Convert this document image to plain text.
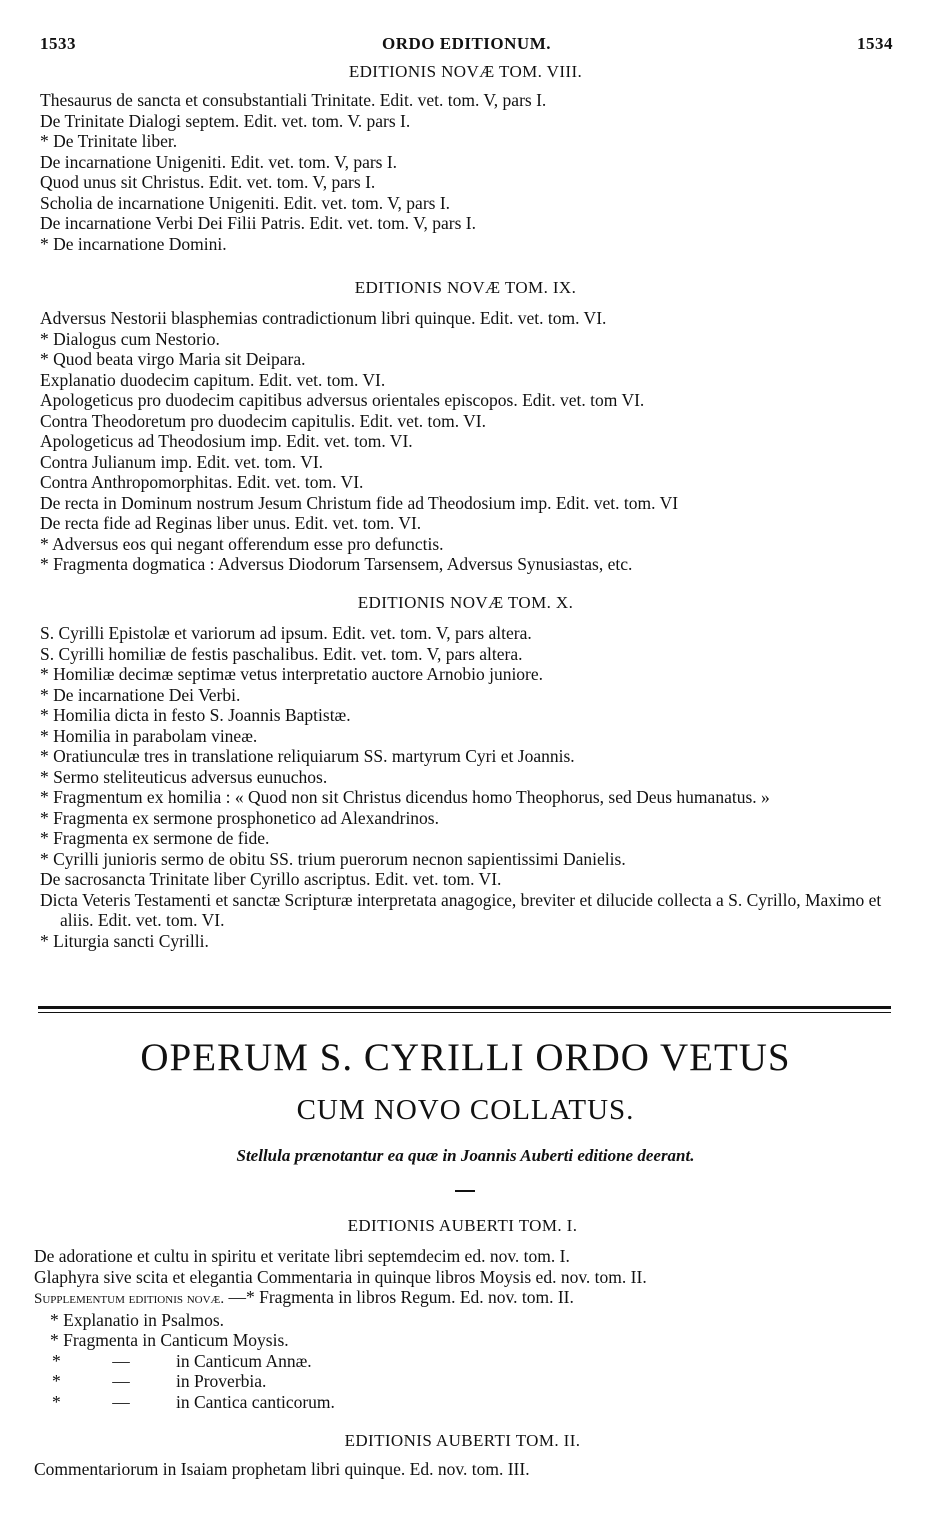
1533	ORDO EDITIONUM.	1534
EDITIONIS NOVÆ TOM. VIII.
Thesaurus de sancta et consubstantiali Trinitate. Edit. vet. tom. V, pars I.
De Trinitate Dialogi septem. Edit. vet. tom. V. pars I.
* De Trinitate liber.
De incarnatione Unigeniti. Edit. vet. tom. V, pars I.
Quod unus sit Christus. Edit. vet. tom. V, pars I.
Scholia de incarnatione Unigeniti. Edit. vet. tom. V, pars I.
De incarnatione Verbi Dei Filii Patris. Edit. vet. tom. V, pars I.
* De incarnatione Domini.
EDITIONIS NOVÆ TOM. IX.
Adversus Nestorii blasphemias contradictionum libri quinque. Edit. vet. tom. VI.
* Dialogus cum Nestorio.
* Quod beata virgo Maria sit Deipara.
Explanatio duodecim capitum. Edit. vet. tom. VI.
Apologeticus pro duodecim capitibus adversus orientales episcopos. Edit. vet. tom VI.
Contra Theodoretum pro duodecim capitulis. Edit. vet. tom. VI.
Apologeticus ad Theodosium imp. Edit. vet. tom. VI.
Contra Julianum imp. Edit. vet. tom. VI.
Contra Anthropomorphitas. Edit. vet. tom. VI.
De recta in Dominum nostrum Jesum Christum fide ad Theodosium imp. Edit. vet. tom. VI
De recta fide ad Reginas liber unus. Edit. vet. tom. VI.
* Adversus eos qui negant offerendum esse pro defunctis.
* Fragmenta dogmatica : Adversus Diodorum Tarsensem, Adversus Synusiastas, etc.
EDITIONIS NOVÆ TOM. X.
S. Cyrilli Epistolæ et variorum ad ipsum. Edit. vet. tom. V, pars altera.
S. Cyrilli homiliæ de festis paschalibus. Edit. vet. tom. V, pars altera.
* Homiliæ decimæ septimæ vetus interpretatio auctore Arnobio juniore.
* De incarnatione Dei Verbi.
* Homilia dicta in festo S. Joannis Baptistæ.
* Homilia in parabolam vineæ.
* Oratiunculæ tres in translatione reliquiarum SS. martyrum Cyri et Joannis.
* Sermo steliteuticus adversus eunuchos.
* Fragmentum ex homilia : « Quod non sit Christus dicendus homo Theophorus, sed Deus humanatus. »
* Fragmenta ex sermone prosphonetico ad Alexandrinos.
* Fragmenta ex sermone de fide.
* Cyrilli junioris sermo de obitu SS. trium puerorum necnon sapientissimi Danielis.
De sacrosancta Trinitate liber Cyrillo ascriptus. Edit. vet. tom. VI.
Dicta Veteris Testamenti et sanctæ Scripturæ interpretata anagogice, breviter et dilucide collecta a S. Cyrillo, Maximo et aliis. Edit. vet. tom. VI.
* Liturgia sancti Cyrilli.
OPERUM S. CYRILLI ORDO VETUS
CUM NOVO COLLATUS.
Stellula prænotantur ea quæ in Joannis Auberti editione deerant.
EDITIONIS AUBERTI TOM. I.
De adoratione et cultu in spiritu et veritate libri septemdecim ed. nov. tom. I.
Glaphyra sive scita et elegantia Commentaria in quinque libros Moysis ed. nov. tom. II.
Supplementum editionis novæ. —* Fragmenta in libros Regum. Ed. nov. tom. II.
* Explanatio in Psalmos.
* Fragmenta in Canticum Moysis.
*	—	in Canticum Annæ.
*	—	in Proverbia.
*	—	in Cantica canticorum.
EDITIONIS AUBERTI TOM. II.
Commentariorum in Isaiam prophetam libri quinque. Ed. nov. tom. III.
